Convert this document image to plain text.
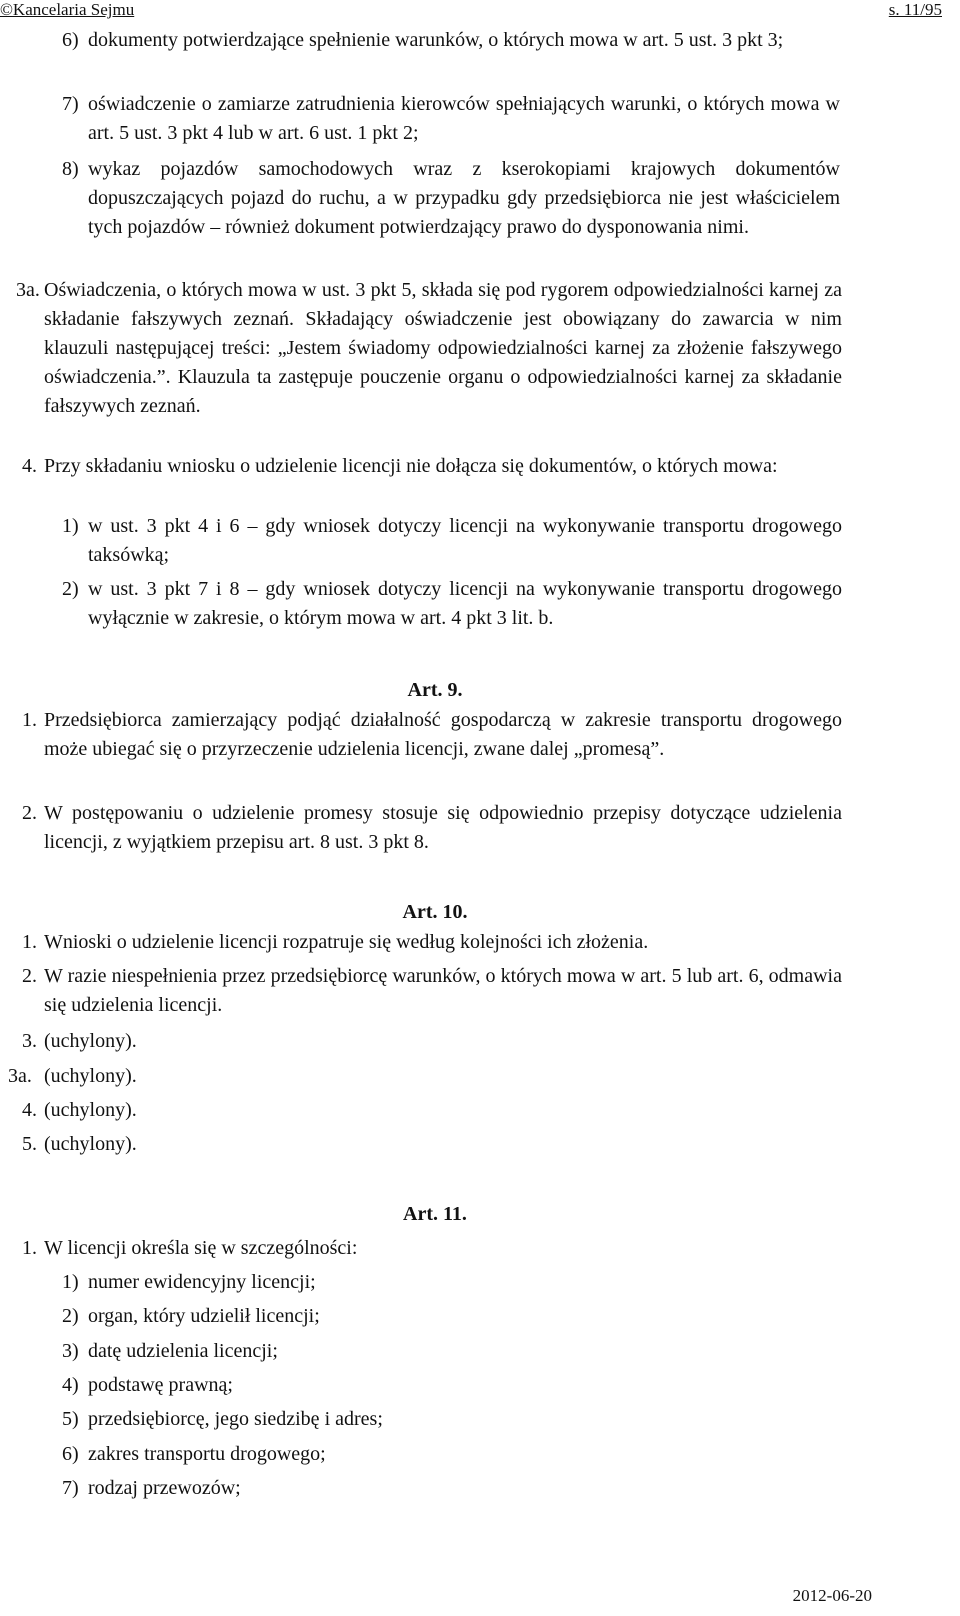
©Kancelaria Sejmu	s. 11/95
6) dokumenty potwierdzające spełnienie warunków, o których mowa w art. 5 ust. 3 pkt 3;
7) oświadczenie o zamiarze zatrudnienia kierowców spełniających warunki, o których mowa w art. 5 ust. 3 pkt 4 lub w art. 6 ust. 1 pkt 2;
8) wykaz pojazdów samochodowych wraz z kserokopiami krajowych dokumentów dopuszczających pojazd do ruchu, a w przypadku gdy przedsiębiorca nie jest właścicielem tych pojazdów – również dokument potwierdzający prawo do dysponowania nimi.
3a. Oświadczenia, o których mowa w ust. 3 pkt 5, składa się pod rygorem odpowiedzialności karnej za składanie fałszywych zeznań. Składający oświadczenie jest obowiązany do zawarcia w nim klauzuli następującej treści: „Jestem świadomy odpowiedzialności karnej za złożenie fałszywego oświadczenia.”. Klauzula ta zastępuje pouczenie organu o odpowiedzialności karnej za składanie fałszywych zeznań.
4. Przy składaniu wniosku o udzielenie licencji nie dołącza się dokumentów, o których mowa:
1) w ust. 3 pkt 4 i 6 – gdy wniosek dotyczy licencji na wykonywanie transportu drogowego taksówką;
2) w ust. 3 pkt 7 i 8 – gdy wniosek dotyczy licencji na wykonywanie transportu drogowego wyłącznie w zakresie, o którym mowa w art. 4 pkt 3 lit. b.
Art. 9.
1. Przedsiębiorca zamierzający podjąć działalność gospodarczą w zakresie transportu drogowego może ubiegać się o przyrzeczenie udzielenia licencji, zwane dalej „promesą”.
2. W postępowaniu o udzielenie promesy stosuje się odpowiednio przepisy dotyczące udzielenia licencji, z wyjątkiem przepisu art. 8 ust. 3 pkt 8.
Art. 10.
1. Wnioski o udzielenie licencji rozpatruje się według kolejności ich złożenia.
2. W razie niespełnienia przez przedsiębiorcę warunków, o których mowa w art. 5 lub art. 6, odmawia się udzielenia licencji.
3. (uchylony).
3a. (uchylony).
4. (uchylony).
5. (uchylony).
Art. 11.
1. W licencji określa się w szczególności:
1) numer ewidencyjny licencji;
2) organ, który udzielił licencji;
3) datę udzielenia licencji;
4) podstawę prawną;
5) przedsiębiorcę, jego siedzibę i adres;
6) zakres transportu drogowego;
7) rodzaj przewozów;
2012-06-20
